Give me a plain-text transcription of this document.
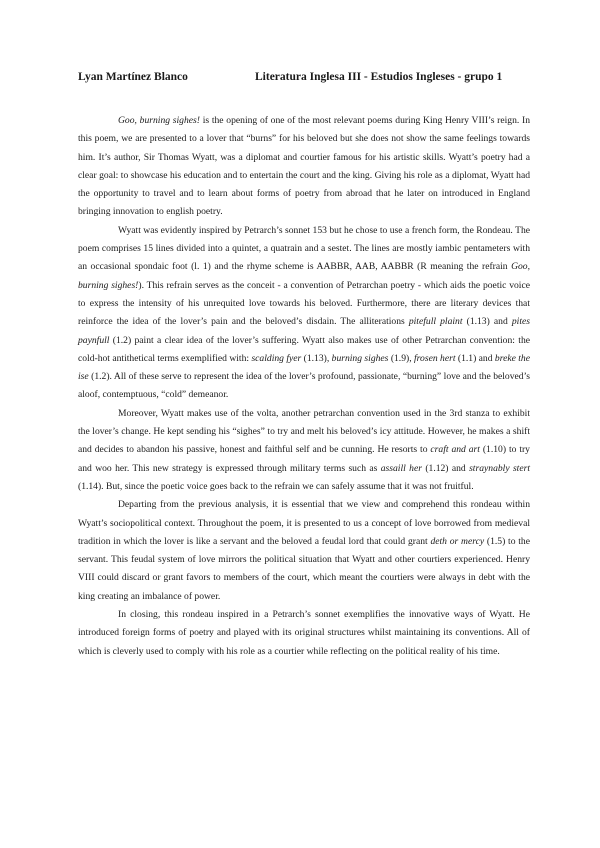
Lyan Martínez Blanco	Literatura Inglesa III - Estudios Ingleses - grupo 1

Goo, burning sighes! is the opening of one of the most relevant poems during King Henry VIII’s reign. In this poem, we are presented to a lover that “burns” for his beloved but she does not show the same feelings towards him. It’s author, Sir Thomas Wyatt, was a diplomat and courtier famous for his artistic skills. Wyatt’s poetry had a clear goal: to showcase his education and to entertain the court and the king. Giving his role as a diplomat, Wyatt had the opportunity to travel and to learn about forms of poetry from abroad that he later on introduced in England bringing innovation to english poetry.

Wyatt was evidently inspired by Petrarch’s sonnet 153 but he chose to use a french form, the Rondeau. The poem comprises 15 lines divided into a quintet, a quatrain and a sestet. The lines are mostly iambic pentameters with an occasional spondaic foot (l. 1) and the rhyme scheme is AABBR, AAB, AABBR (R meaning the refrain Goo, burning sighes!). This refrain serves as the conceit - a convention of Petrarchan poetry - which aids the poetic voice to express the intensity of his unrequited love towards his beloved. Furthermore, there are literary devices that reinforce the idea of the lover’s pain and the beloved’s disdain. The alliterations pitefull plaint (1.13) and pites paynfull (1.2) paint a clear idea of the lover’s suffering. Wyatt also makes use of other Petrarchan convention: the cold-hot antithetical terms exemplified with: scalding fyer (1.13), burning sighes (1.9), frosen hert (1.1) and breke the ise (1.2). All of these serve to represent the idea of the lover’s profound, passionate, “burning” love and the beloved’s aloof, contemptuous, “cold” demeanor.

Moreover, Wyatt makes use of the volta, another petrarchan convention used in the 3rd stanza to exhibit the lover’s change. He kept sending his “sighes” to try and melt his beloved’s icy attitude. However, he makes a shift and decides to abandon his passive, honest and faithful self and be cunning. He resorts to craft and art (1.10) to try and woo her. This new strategy is expressed through military terms such as assaill her (1.12) and straynably stert (1.14). But, since the poetic voice goes back to the refrain we can safely assume that it was not fruitful.

Departing from the previous analysis, it is essential that we view and comprehend this rondeau within Wyatt’s sociopolitical context. Throughout the poem, it is presented to us a concept of love borrowed from medieval tradition in which the lover is like a servant and the beloved a feudal lord that could grant deth or mercy (1.5) to the servant. This feudal system of love mirrors the political situation that Wyatt and other courtiers experienced. Henry VIII could discard or grant favors to members of the court, which meant the courtiers were always in debt with the king creating an imbalance of power.

In closing, this rondeau inspired in a Petrarch’s sonnet exemplifies the innovative ways of Wyatt. He introduced foreign forms of poetry and played with its original structures whilst maintaining its conventions. All of which is cleverly used to comply with his role as a courtier while reflecting on the political reality of his time.
